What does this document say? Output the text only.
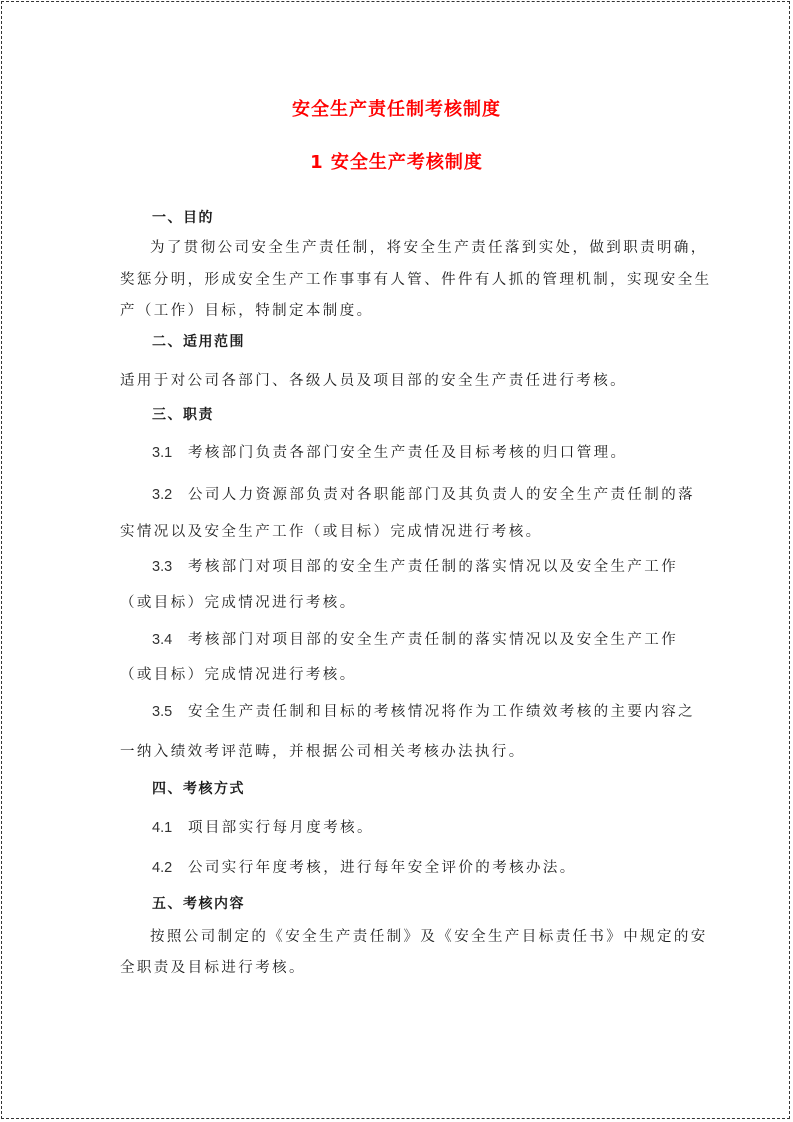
安全生产责任制考核制度
1 安全生产考核制度
一、目的
为了贯彻公司安全生产责任制，将安全生产责任落到实处，做到职责明确，
奖惩分明，形成安全生产工作事事有人管、件件有人抓的管理机制，实现安全生
产（工作）目标，特制定本制度。
二、适用范围
适用于对公司各部门、各级人员及项目部的安全生产责任进行考核。
三、职责
3.1 考核部门负责各部门安全生产责任及目标考核的归口管理。
3.2 公司人力资源部负责对各职能部门及其负责人的安全生产责任制的落
实情况以及安全生产工作（或目标）完成情况进行考核。
3.3 考核部门对项目部的安全生产责任制的落实情况以及安全生产工作
（或目标）完成情况进行考核。
3.4 考核部门对项目部的安全生产责任制的落实情况以及安全生产工作
（或目标）完成情况进行考核。
3.5 安全生产责任制和目标的考核情况将作为工作绩效考核的主要内容之
一纳入绩效考评范畴，并根据公司相关考核办法执行。
四、考核方式
4.1 项目部实行每月度考核。
4.2 公司实行年度考核，进行每年安全评价的考核办法。
五、考核内容
按照公司制定的《安全生产责任制》及《安全生产目标责任书》中规定的安
全职责及目标进行考核。
